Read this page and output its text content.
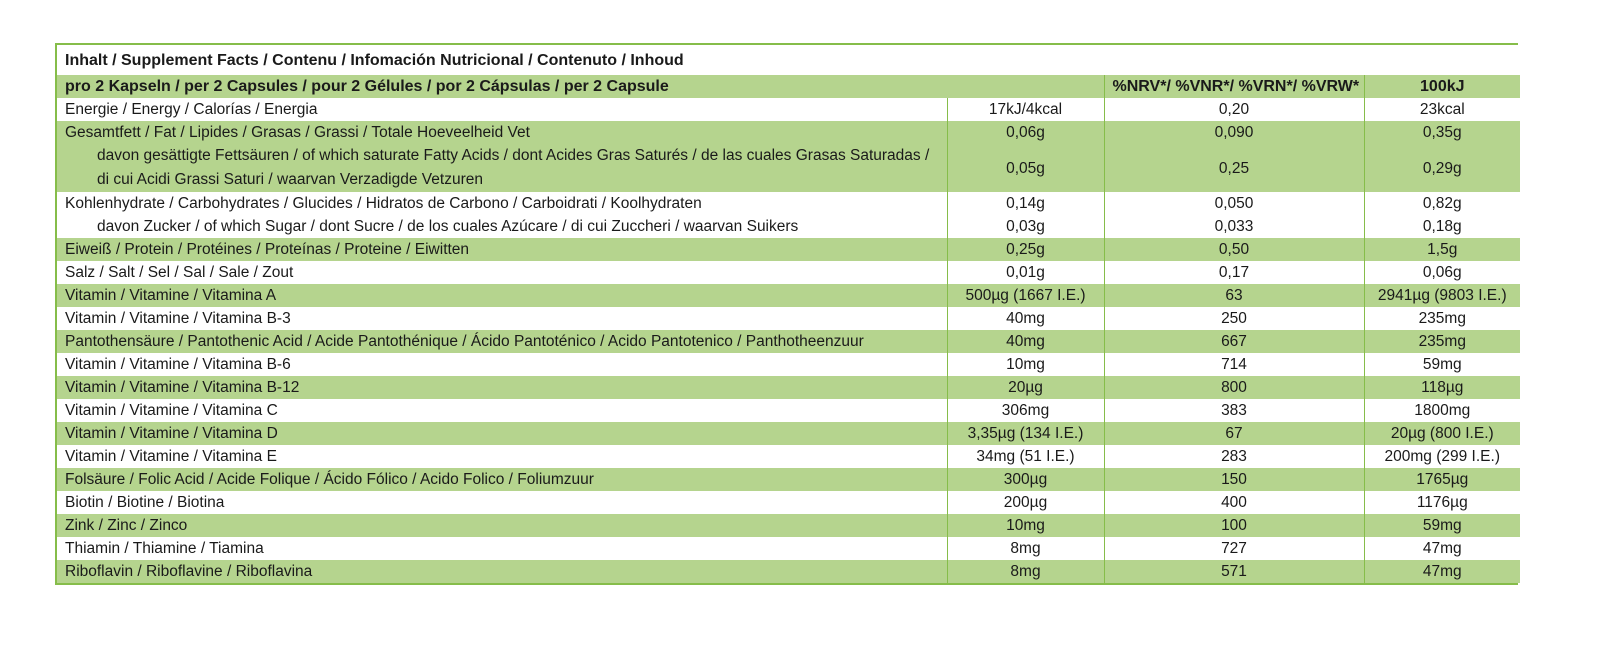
Inhalt / Supplement Facts / Contenu / Infomación Nutricional / Contenuto / Inhoud			
pro 2 Kapseln / per 2 Capsules / pour 2 Gélules / por 2 Cápsulas / per 2 Capsule		%NRV*/ %VNR*/ %VRN*/ %VRW*	100kJ
Energie / Energy / Calorías / Energia	17kJ/4kcal	0,20	23kcal
Gesamtfett / Fat / Lipides / Grasas / Grassi / Totale Hoeveelheid Vet	0,06g	0,090	0,35g
davon gesättigte Fettsäuren / of which saturate Fatty Acids / dont Acides Gras Saturés / de las cuales Grasas Saturadas / di cui Acidi Grassi Saturi / waarvan Verzadigde Vetzuren	0,05g	0,25	0,29g
Kohlenhydrate / Carbohydrates / Glucides / Hidratos de Carbono / Carboidrati / Koolhydraten	0,14g	0,050	0,82g
davon Zucker / of which Sugar / dont Sucre / de los cuales Azúcare / di cui Zuccheri / waarvan Suikers	0,03g	0,033	0,18g
Eiweiß / Protein / Protéines / Proteínas / Proteine / Eiwitten	0,25g	0,50	1,5g
Salz / Salt / Sel / Sal / Sale / Zout	0,01g	0,17	0,06g
Vitamin / Vitamine / Vitamina A	500µg (1667 I.E.)	63	2941µg (9803 I.E.)
Vitamin / Vitamine / Vitamina B-3	40mg	250	235mg
Pantothensäure / Pantothenic Acid / Acide Pantothénique / Ácido Pantoténico / Acido Pantotenico / Panthotheenzuur	40mg	667	235mg
Vitamin / Vitamine / Vitamina B-6	10mg	714	59mg
Vitamin / Vitamine / Vitamina B-12	20µg	800	118µg
Vitamin / Vitamine / Vitamina C	306mg	383	1800mg
Vitamin / Vitamine / Vitamina D	3,35µg (134 I.E.)	67	20µg (800 I.E.)
Vitamin / Vitamine / Vitamina E	34mg (51 I.E.)	283	200mg (299 I.E.)
Folsäure / Folic Acid / Acide Folique / Ácido Fólico / Acido Folico / Foliumzuur	300µg	150	1765µg
Biotin / Biotine / Biotina	200µg	400	1176µg
Zink / Zinc / Zinco	10mg	100	59mg
Thiamin / Thiamine / Tiamina	8mg	727	47mg
Riboflavin / Riboflavine / Riboflavina	8mg	571	47mg
